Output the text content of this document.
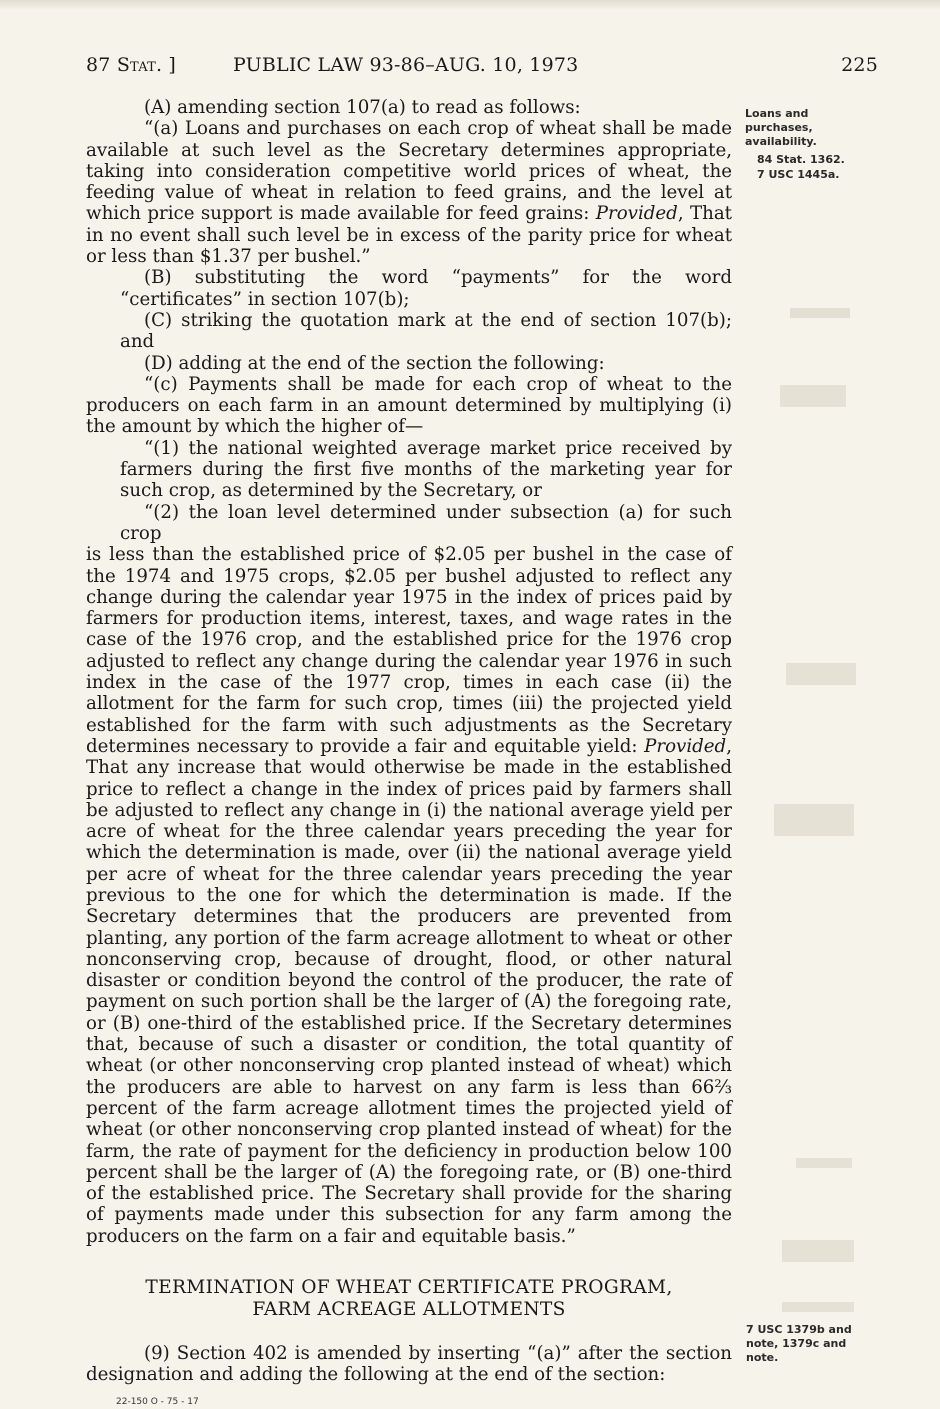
87 Stat. ]	PUBLIC LAW 93-86–AUG. 10, 1973	225
Loans and purchases, availability.
84 Stat. 1362.
7 USC 1445a.

(A) amending section 107(a) to read as follows:

“(a) Loans and purchases on each crop of wheat shall be made available at such level as the Secretary determines appropriate, taking into consideration competitive world prices of wheat, the feeding value of wheat in relation to feed grains, and the level at which price support is made available for feed grains: Provided, That in no event shall such level be in excess of the parity price for wheat or less than $1.37 per bushel.”

(B) substituting the word “payments” for the word “certificates” in section 107(b);

(C) striking the quotation mark at the end of section 107(b); and

(D) adding at the end of the section the following:

“(c) Payments shall be made for each crop of wheat to the producers on each farm in an amount determined by multiplying (i) the amount by which the higher of—

“(1) the national weighted average market price received by farmers during the first five months of the marketing year for such crop, as determined by the Secretary, or

“(2) the loan level determined under subsection (a) for such crop

is less than the established price of $2.05 per bushel in the case of the 1974 and 1975 crops, $2.05 per bushel adjusted to reflect any change during the calendar year 1975 in the index of prices paid by farmers for production items, interest, taxes, and wage rates in the case of the 1976 crop, and the established price for the 1976 crop adjusted to reflect any change during the calendar year 1976 in such index in the case of the 1977 crop, times in each case (ii) the allotment for the farm for such crop, times (iii) the projected yield established for the farm with such adjustments as the Secretary determines necessary to provide a fair and equitable yield: Provided, That any increase that would otherwise be made in the established price to reflect a change in the index of prices paid by farmers shall be adjusted to reflect any change in (i) the national average yield per acre of wheat for the three calendar years preceding the year for which the determination is made, over (ii) the national average yield per acre of wheat for the three calendar years preceding the year previous to the one for which the determination is made. If the Secretary determines that the producers are prevented from planting, any portion of the farm acreage allotment to wheat or other nonconserving crop, because of drought, flood, or other natural disaster or condition beyond the control of the producer, the rate of payment on such portion shall be the larger of (A) the foregoing rate, or (B) one-third of the established price. If the Secretary determines that, because of such a disaster or condition, the total quantity of wheat (or other nonconserving crop planted instead of wheat) which the producers are able to harvest on any farm is less than 66⅔ percent of the farm acreage allotment times the projected yield of wheat (or other nonconserving crop planted instead of wheat) for the farm, the rate of payment for the deficiency in production below 100 percent shall be the larger of (A) the foregoing rate, or (B) one-third of the established price. The Secretary shall provide for the sharing of payments made under this subsection for any farm among the producers on the farm on a fair and equitable basis.”

TERMINATION OF WHEAT CERTIFICATE PROGRAM,
FARM ACREAGE ALLOTMENTS

(9) Section 402 is amended by inserting “(a)” after the section designation and adding the following at the end of the section:

7 USC 1379b and note, 1379c and note.
22-150 O - 75 - 17
